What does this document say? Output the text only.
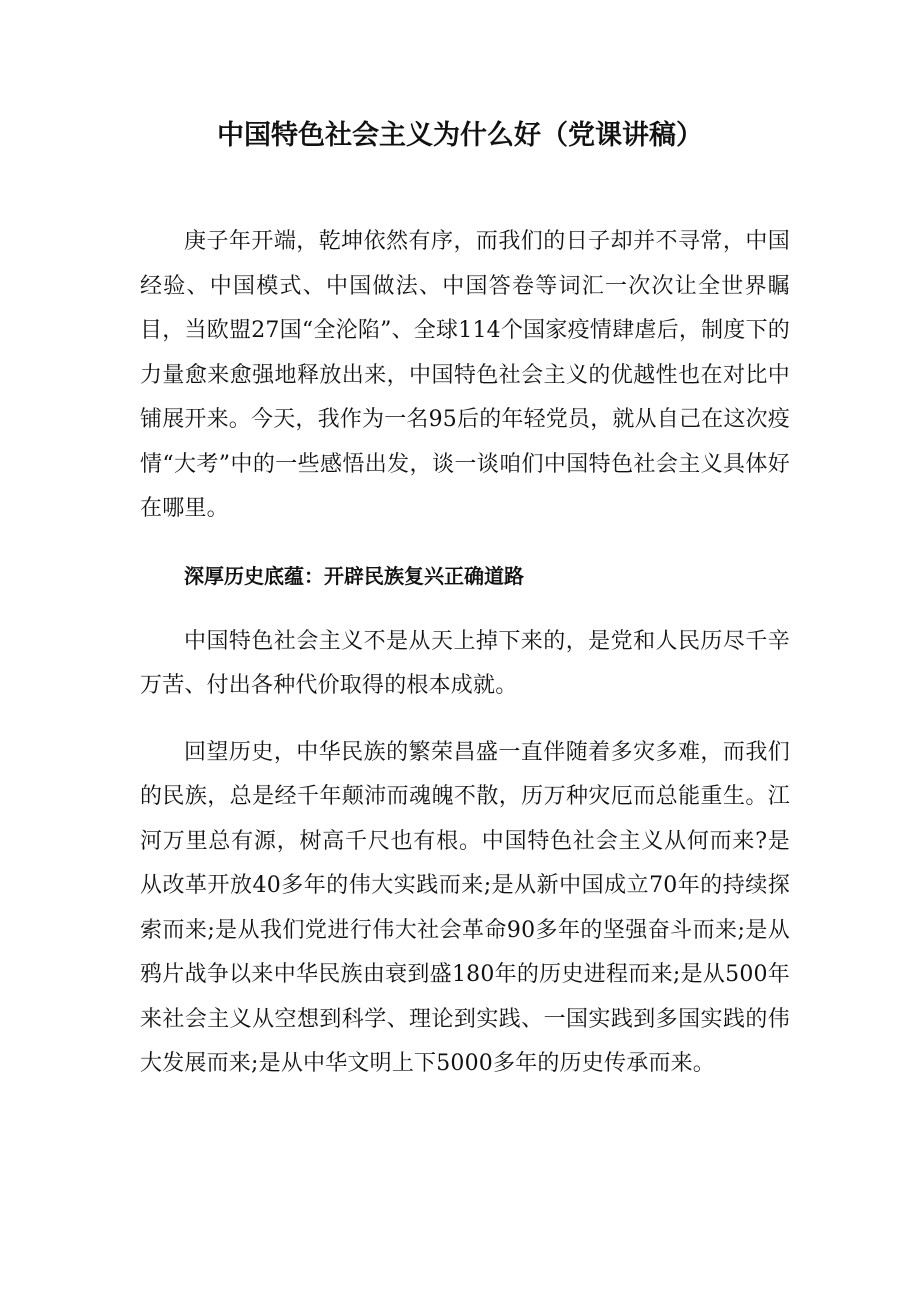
中国特色社会主义为什么好（党课讲稿）

庚子年开端，乾坤依然有序，而我们的日子却并不寻常，中国经验、中国模式、中国做法、中国答卷等词汇一次次让全世界瞩目，当欧盟27国“全沦陷”、全球114个国家疫情肆虐后，制度下的力量愈来愈强地释放出来，中国特色社会主义的优越性也在对比中铺展开来。今天，我作为一名95后的年轻党员，就从自己在这次疫情“大考”中的一些感悟出发，谈一谈咱们中国特色社会主义具体好在哪里。

深厚历史底蕴：开辟民族复兴正确道路

中国特色社会主义不是从天上掉下来的，是党和人民历尽千辛万苦、付出各种代价取得的根本成就。

回望历史，中华民族的繁荣昌盛一直伴随着多灾多难，而我们的民族，总是经千年颠沛而魂魄不散，历万种灾厄而总能重生。江河万里总有源，树高千尺也有根。中国特色社会主义从何而来?是从改革开放40多年的伟大实践而来;是从新中国成立70年的持续探索而来;是从我们党进行伟大社会革命90多年的坚强奋斗而来;是从鸦片战争以来中华民族由衰到盛180年的历史进程而来;是从500年来社会主义从空想到科学、理论到实践、一国实践到多国实践的伟大发展而来;是从中华文明上下5000多年的历史传承而来。
